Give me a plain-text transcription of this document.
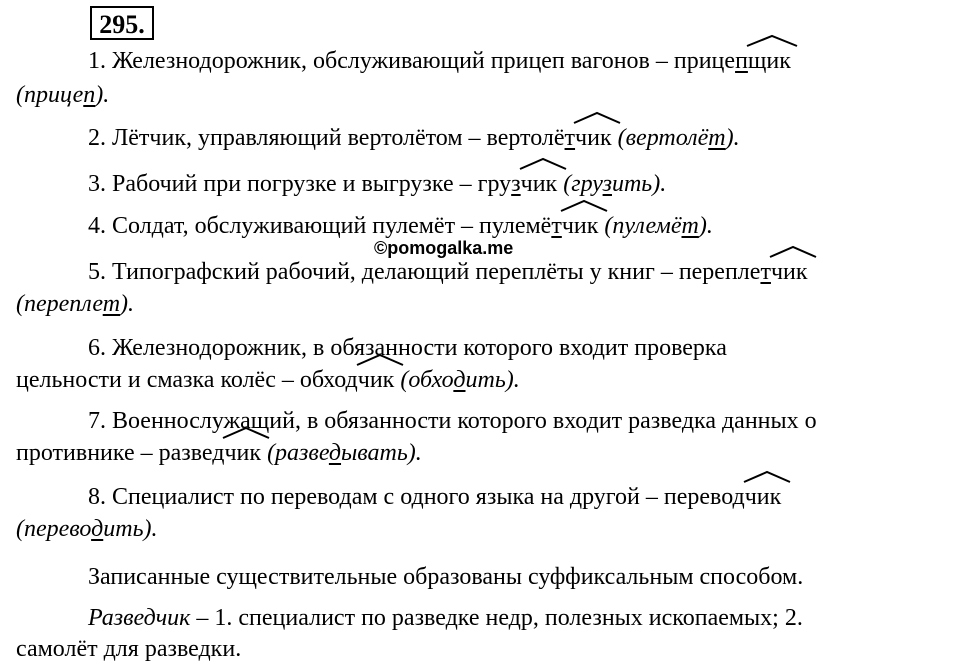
295.
1. Железнодорожник, обслуживающий прицеп вагонов – прицеп
щик
(прицеп).
2. Лётчик, управляющий вертолётом – вертолёт
чик (вертолёт).
3. Рабочий при погрузке и выгрузке – груз
чик (грузить).
4. Солдат, обслуживающий пулемёт – пулемёт
чик (пулемёт).
©pomogalka.me
5. Типографский рабочий, делающий переплёты у книг – переплет
чик
(переплет).
6. Железнодорожник, в обязанности которого входит проверка
цельности и смазка колёс – обход
чик (обходить).
7. Военнослужащий, в обязанности которого входит разведка данных о
противнике – развед
чик (разведывать).
8. Специалист по переводам с одного языка на другой – перевод
чик
(переводить).
Записанные существительные образованы суффиксальным способом.
Разведчик – 1. специалист по разведке недр, полезных ископаемых; 2.
самолёт для разведки.
